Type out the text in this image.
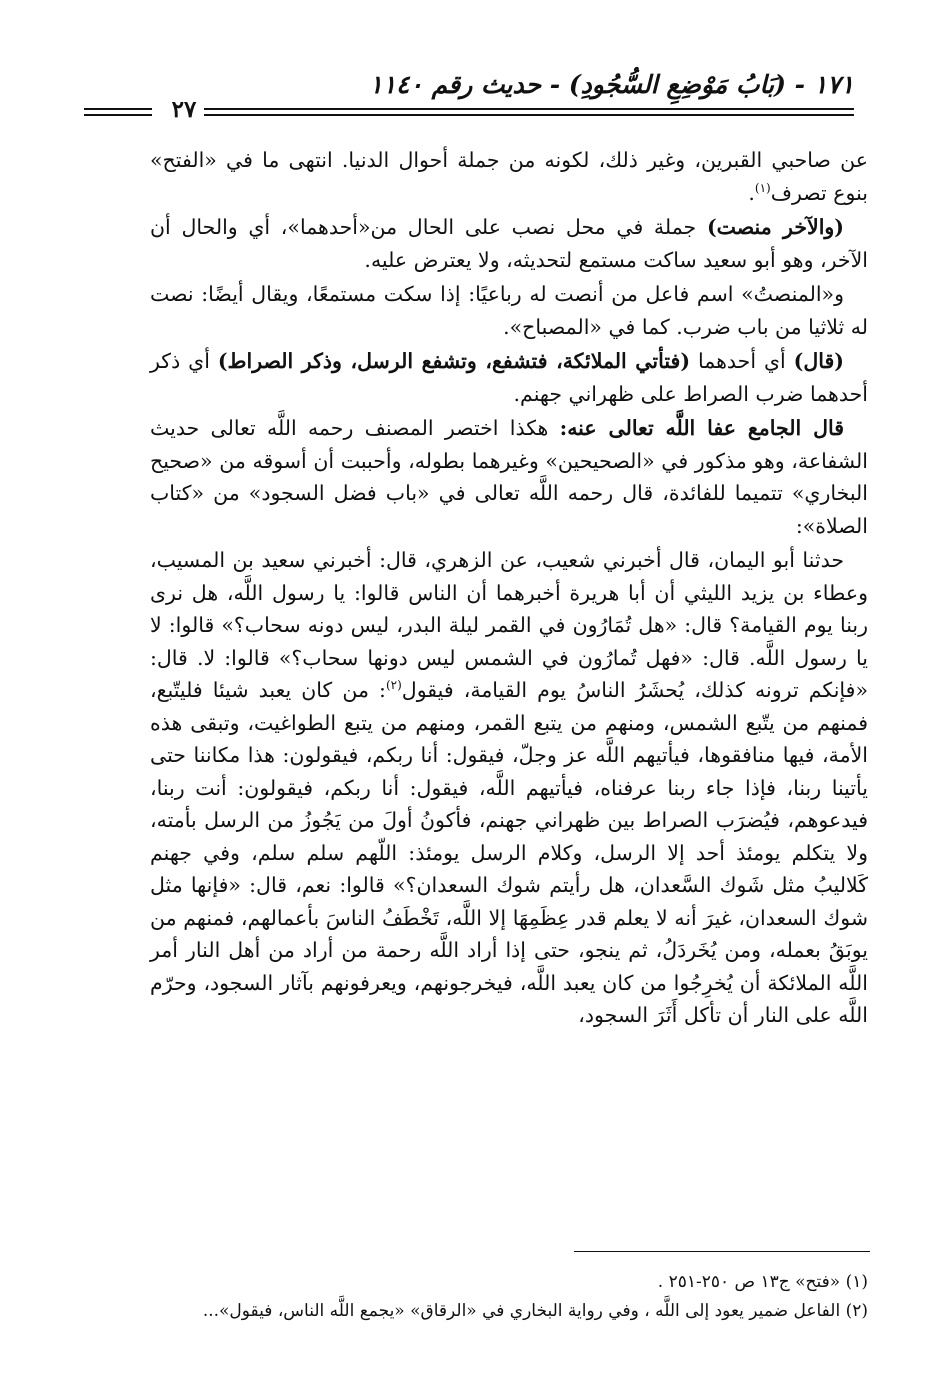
١٧١ - (بَابُ مَوْضِعِ السُّجُودِ) - حديث رقم ١١٤٠
٢٧

عن صاحبي القبرين، وغير ذلك، لكونه من جملة أحوال الدنيا. انتهى ما في «الفتح» بنوع تصرف$^{(١)}$.

(والآخر منصت) جملة في محل نصب على الحال من«أحدهما»، أي والحال أن الآخر، وهو أبو سعيد ساكت مستمع لتحديثه، ولا يعترض عليه.

و«المنصتُ» اسم فاعل من أنصت له رباعيًا: إذا سكت مستمعًا، ويقال أيضًا: نصت له ثلاثيا من باب ضرب. كما في «المصباح».

(قال) أي أحدهما (فتأتي الملائكة، فتشفع، وتشفع الرسل، وذكر الصراط) أي ذكر أحدهما ضرب الصراط على ظهراني جهنم.

قال الجامع عفا اللَّه تعالى عنه: هكذا اختصر المصنف رحمه اللَّه تعالى حديث الشفاعة، وهو مذكور في «الصحيحين» وغيرهما بطوله، وأحببت أن أسوقه من «صحيح البخاري» تتميما للفائدة، قال رحمه اللَّه تعالى في «باب فضل السجود» من «كتاب الصلاة»:

حدثنا أبو اليمان، قال أخبرني شعيب، عن الزهري، قال: أخبرني سعيد بن المسيب، وعطاء بن يزيد الليثي أن أبا هريرة أخبرهما أن الناس قالوا: يا رسول اللَّه، هل نرى ربنا يوم القيامة؟ قال: «هل تُمَارُون في القمر ليلة البدر، ليس دونه سحاب؟» قالوا: لا يا رسول اللَّه. قال: «فهل تُمارُون في الشمس ليس دونها سحاب؟» قالوا: لا. قال: «فإنكم ترونه كذلك، يُحشَرُ الناسُ يوم القيامة، فيقول$^{(٢)}$: من كان يعبد شيئا فليتّبع، فمنهم من يتّبع الشمس، ومنهم من يتبع القمر، ومنهم من يتبع الطواغيت، وتبقى هذه الأمة، فيها منافقوها، فيأتيهم اللَّه عز وجلّ، فيقول: أنا ربكم، فيقولون: هذا مكاننا حتى يأتينا ربنا، فإذا جاء ربنا عرفناه، فيأتيهم اللَّه، فيقول: أنا ربكم، فيقولون: أنت ربنا، فيدعوهم، فيُضرَب الصراط بين ظهراني جهنم، فأكونُ أولَ من يَجُوزُ من الرسل بأمته، ولا يتكلم يومئذ أحد إلا الرسل، وكلام الرسل يومئذ: اللّهم سلم سلم، وفي جهنم كَلاليبُ مثل شَوك السَّعدان، هل رأيتم شوك السعدان؟» قالوا: نعم، قال: «فإنها مثل شوك السعدان، غيرَ أنه لا يعلم قدر عِظَمِهَا إلا اللَّه، تَخْطَفُ الناسَ بأعمالهم، فمنهم من يوبَقُ بعمله، ومن يُخَردَلُ، ثم ينجو، حتى إذا أراد اللَّه رحمة من أراد من أهل النار أمر اللَّه الملائكة أن يُخرِجُوا من كان يعبد اللَّه، فيخرجونهم، ويعرفونهم بآثار السجود، وحرّم اللَّه على النار أن تأكل أَثَرَ السجود،

(١) «فتح» ج١٣ ص ٢٥٠-٢٥١ .

(٢) الفاعل ضمير يعود إلى اللَّه ، وفي رواية البخاري في «الرقاق» «يجمع اللَّه الناس، فيقول»...
